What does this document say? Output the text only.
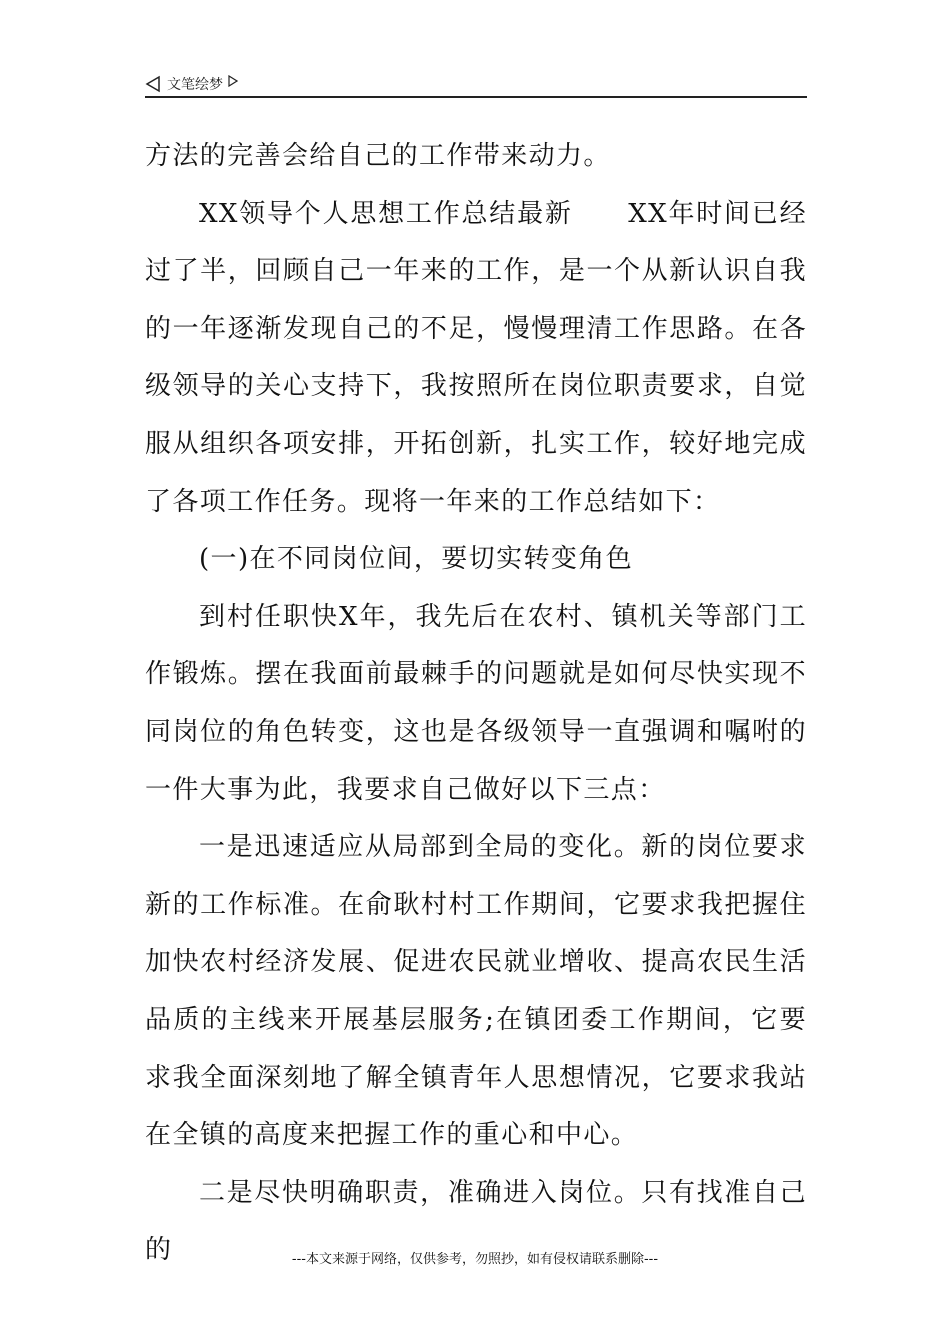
文笔绘梦

方法的完善会给自己的工作带来动力。

XX领导个人思想工作总结最新　　XX年时间已经过了半，回顾自己一年来的工作，是一个从新认识自我的一年逐渐发现自己的不足，慢慢理清工作思路。在各级领导的关心支持下，我按照所在岗位职责要求，自觉服从组织各项安排，开拓创新，扎实工作，较好地完成了各项工作任务。现将一年来的工作总结如下：

(一)在不同岗位间，要切实转变角色

到村任职快X年，我先后在农村、镇机关等部门工作锻炼。摆在我面前最棘手的问题就是如何尽快实现不同岗位的角色转变，这也是各级领导一直强调和嘱咐的一件大事为此，我要求自己做好以下三点：

一是迅速适应从局部到全局的变化。新的岗位要求新的工作标准。在俞耿村村工作期间，它要求我把握住加快农村经济发展、促进农民就业增收、提高农民生活品质的主线来开展基层服务;在镇团委工作期间，它要求我全面深刻地了解全镇青年人思想情况，它要求我站在全镇的高度来把握工作的重心和中心。

二是尽快明确职责，准确进入岗位。只有找准自己的	---本文来源于网络，仅供参考，勿照抄，如有侵权请联系删除---
